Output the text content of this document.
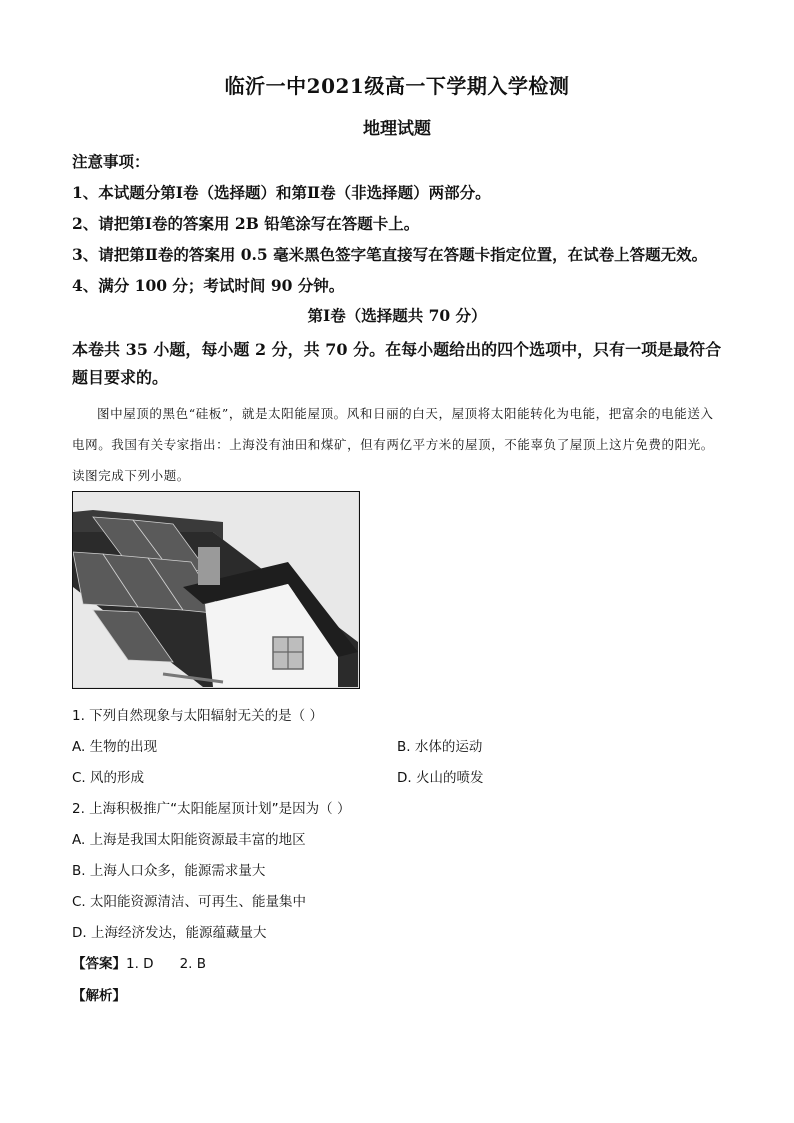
临沂一中2021级高一下学期入学检测
地理试题
注意事项：
1、本试题分第Ⅰ卷（选择题）和第Ⅱ卷（非选择题）两部分。
2、请把第Ⅰ卷的答案用 2B 铅笔涂写在答题卡上。
3、请把第Ⅱ卷的答案用 0.5 毫米黑色签字笔直接写在答题卡指定位置，在试卷上答题无效。
4、满分 100 分；考试时间 90 分钟。
第Ⅰ卷（选择题共 70 分）
本卷共 35 小题，每小题 2 分，共 70 分。在每小题给出的四个选项中，只有一项是最符合题目要求的。
图中屋顶的黑色“硅板”，就是太阳能屋顶。风和日丽的白天，屋顶将太阳能转化为电能，把富余的电能送入电网。我国有关专家指出：上海没有油田和煤矿，但有两亿平方米的屋顶，不能辜负了屋顶上这片免费的阳光。读图完成下列小题。
1. 下列自然现象与太阳辐射无关的是（ ）
A. 生物的出现	B. 水体的运动
C. 风的形成	D. 火山的喷发
2. 上海积极推广“太阳能屋顶计划”是因为（ ）
A. 上海是我国太阳能资源最丰富的地区
B. 上海人口众多，能源需求量大
C. 太阳能资源清洁、可再生、能量集中
D. 上海经济发达，能源蕴藏量大
【答案】1. D 2. B
【解析】
